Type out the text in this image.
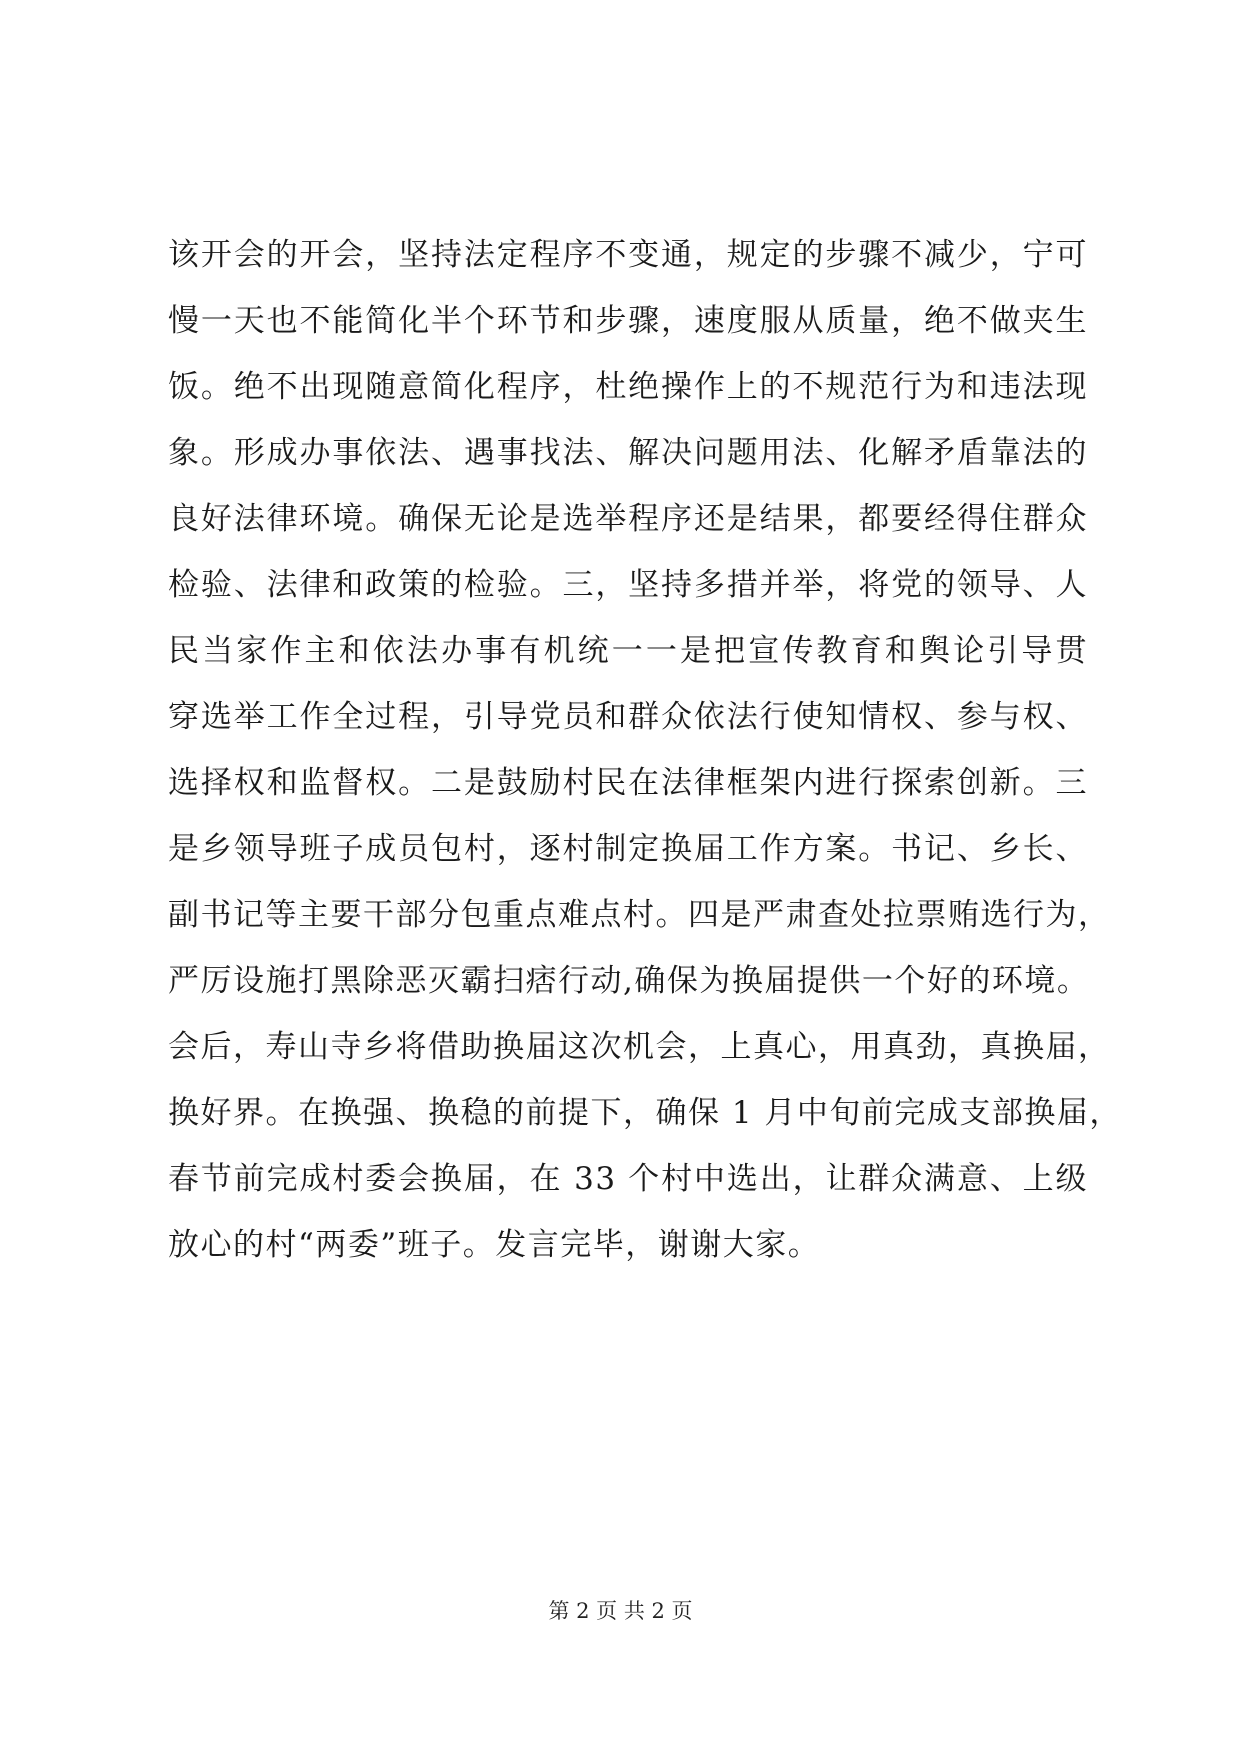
该开会的开会，坚持法定程序不变通，规定的步骤不减少，宁可
慢一天也不能简化半个环节和步骤，速度服从质量，绝不做夹生
饭。绝不出现随意简化程序，杜绝操作上的不规范行为和违法现
象。形成办事依法、遇事找法、解决问题用法、化解矛盾靠法的
良好法律环境。确保无论是选举程序还是结果，都要经得住群众
检验、法律和政策的检验。三，坚持多措并举，将党的领导、人
民当家作主和依法办事有机统一一是把宣传教育和舆论引导贯
穿选举工作全过程，引导党员和群众依法行使知情权、参与权、
选择权和监督权。二是鼓励村民在法律框架内进行探索创新。三
是乡领导班子成员包村，逐村制定换届工作方案。书记、乡长、
副书记等主要干部分包重点难点村。四是严肃查处拉票贿选行为，
严厉设施打黑除恶灭霸扫痞行动,确保为换届提供一个好的环境。
会后，寿山寺乡将借助换届这次机会，上真心，用真劲，真换届，
换好界。在换强、换稳的前提下，确保 1 月中旬前完成支部换届，
春节前完成村委会换届，在 33 个村中选出，让群众满意、上级
放心的村“两委”班子。发言完毕，谢谢大家。
第 2 页 共 2 页
